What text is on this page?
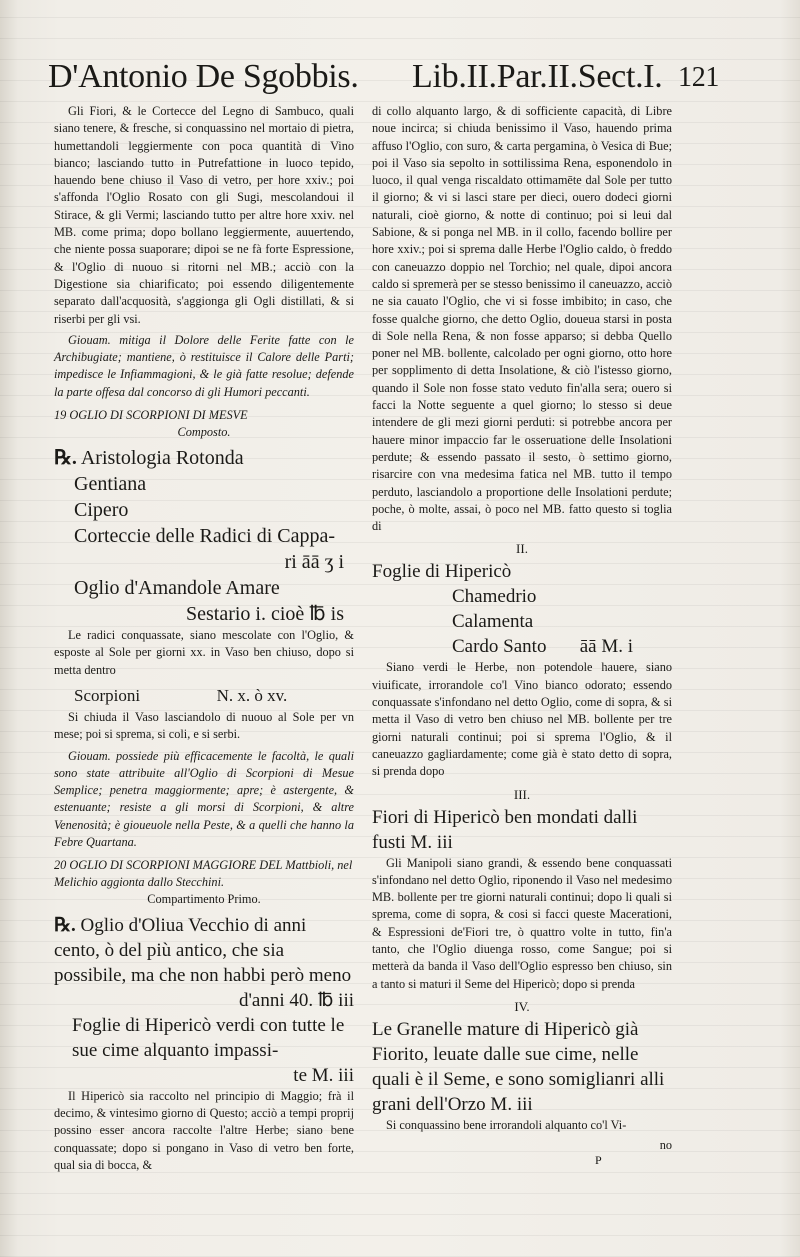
D'Antonio De Sgobbis. Lib.II.Par.II.Sect.I. 121

Gli Fiori, & le Cortecce del Legno di Sambuco, quali siano tenere, & fresche, si conquassino nel mortaio di pietra, humettandoli leggiermente con poca quantità di Vino bianco; lasciando tutto in Putrefattione in luoco tepido, hauendo bene chiuso il Vaso di vetro, per hore xxiv.; poi s'affonda l'Oglio Rosato con gli Sugi, mescolandoui il Stirace, & gli Vermi; lasciando tutto per altre hore xxiv. nel MB. come prima; dopo bollano leggiermente, auuertendo, che niente possa suaporare; dipoi se ne fà forte Espressione, & l'Oglio di nuouo si ritorni nel MB.; acciò con la Digestione sia chiarificato; poi essendo diligentemente separato dall'acquosità, s'aggionga gli Ogli distillati, & si riserbi per gli vsi.

Giouam. mitiga il Dolore delle Ferite fatte con le Archibugiate; mantiene, ò restituisce il Calore delle Parti; impedisce le Infiammagioni, & le già fatte resolue; defende la parte offesa dal concorso di gli Humori peccanti.

19 OGLIO DI SCORPIONI DI MESVE

Composto.

℞. Aristologia Rotonda

Gentiana

Cipero

Corteccie delle Radici di Cappa-

ri āā ʒ i

Oglio d'Amandole Amare

Sestario i. cioè ℔ is

Le radici conquassate, siano mescolate con l'Oglio, & esposte al Sole per giorni xx. in Vaso ben chiuso, dopo si metta dentro

Scorpioni                  N. x. ò xv.

Si chiuda il Vaso lasciandolo di nuouo al Sole per vn mese; poi si sprema, si coli, e si serbi.

Giouam. possiede più efficacemente le facoltà, le quali sono state attribuite all'Oglio di Scorpioni di Mesue Semplice; penetra maggiormente; apre; è astergente, & estenuante; resiste a gli morsi di Scorpioni, & altre Venenosità; è gioueuole nella Peste, & a quelli che hanno la Febre Quartana.

20 OGLIO DI SCORPIONI MAGGIORE DEL Mattbioli, nel Melichio aggionta dallo Stecchini.

Compartimento Primo.

℞. Oglio d'Oliua Vecchio di anni cento, ò del più antico, che sia possibile, ma che non habbi però meno

d'anni 40. ℔ iii

Foglie di Hipericò verdi con tutte le sue cime alquanto impassi-

te M. iii

Il Hipericò sia raccolto nel principio di Maggio; frà il decimo, & vintesimo giorno di Questo; acciò a tempi proprij possino esser ancora raccolte l'altre Herbe; siano bene conquassate; dopo si pongano in Vaso di vetro ben forte, qual sia di bocca, &

di collo alquanto largo, & di sofficiente capacità, di Libre noue incirca; si chiuda benissimo il Vaso, hauendo prima affuso l'Oglio, con suro, & carta pergamina, ò Vesica di Bue; poi il Vaso sia sepolto in sottilissima Rena, esponendolo in luoco, il qual venga riscaldato ottimamēte dal Sole per tutto il giorno; & vi si lasci stare per dieci, ouero dodeci giorni naturali, cioè giorno, & notte di continuo; poi si leui dal Sabione, & si ponga nel MB. in il collo, facendo bollire per hore xxiv.; poi si sprema dalle Herbe l'Oglio caldo, ò freddo con caneuazzo doppio nel Torchio; nel quale, dipoi ancora caldo si spremerà per se stesso benissimo il caneuazzo, acciò ne sia cauato l'Oglio, che vi si fosse imbibito; in caso, che fosse qualche giorno, che detto Oglio, doueua starsi in posta di Sole nella Rena, & non fosse apparso; si debba Quello poner nel MB. bollente, calcolado per ogni giorno, otto hore per sopplimento di detta Insolatione, & ciò l'istesso giorno, quando il Sole non fosse stato veduto fin'alla sera; ouero si facci la Notte seguente a quel giorno; lo stesso si deue intendere de gli mezi giorni perduti: si potrebbe ancora per hauere minor impaccio far le osseruatione delle Insolationi perdute; & essendo passato il sesto, ò settimo giorno, risarcire con vna medesima fatica nel MB. tutto il tempo perduto, lasciandolo a proportione delle Insolationi perdute; poche, ò molte, assai, ò poco nel MB. fatto questo si toglia di

II.

Foglie di Hipericò

Chamedrio

Calamenta

Cardo Santo       āā M. i

Siano verdi le Herbe, non potendole hauere, siano viuificate, irrorandole co'l Vino bianco odorato; essendo conquassate s'infondano nel detto Oglio, come di sopra, & si metta il Vaso di vetro ben chiuso nel MB. bollente per tre giorni naturali continui; poi si sprema l'Oglio, & il caneuazzo gagliardamente; come già è stato detto di sopra, si prenda dopo

III.

Fiori di Hipericò ben mondati dalli fusti M. iii

Gli Manipoli siano grandi, & essendo bene conquassati s'infondano nel detto Oglio, riponendo il Vaso nel medesimo MB. bollente per tre giorni naturali continui; dopo li quali si sprema, come di sopra, & cosi si facci queste Macerationi, & Espressioni de'Fiori tre, ò quattro volte in tutto, fin'a tanto, che l'Oglio diuenga rosso, come Sangue; poi si metterà da banda il Vaso dell'Oglio espresso ben chiuso, sin a tanto si maturi il Seme del Hipericò; dopo si prenda

IV.

Le Granelle mature di Hipericò già Fiorito, leuate dalle sue cime, nelle quali è il Seme, e sono somiglianri alli grani dell'Orzo M. iii

Si conquassino bene irrorandoli alquanto co'l Vi-

no

P
